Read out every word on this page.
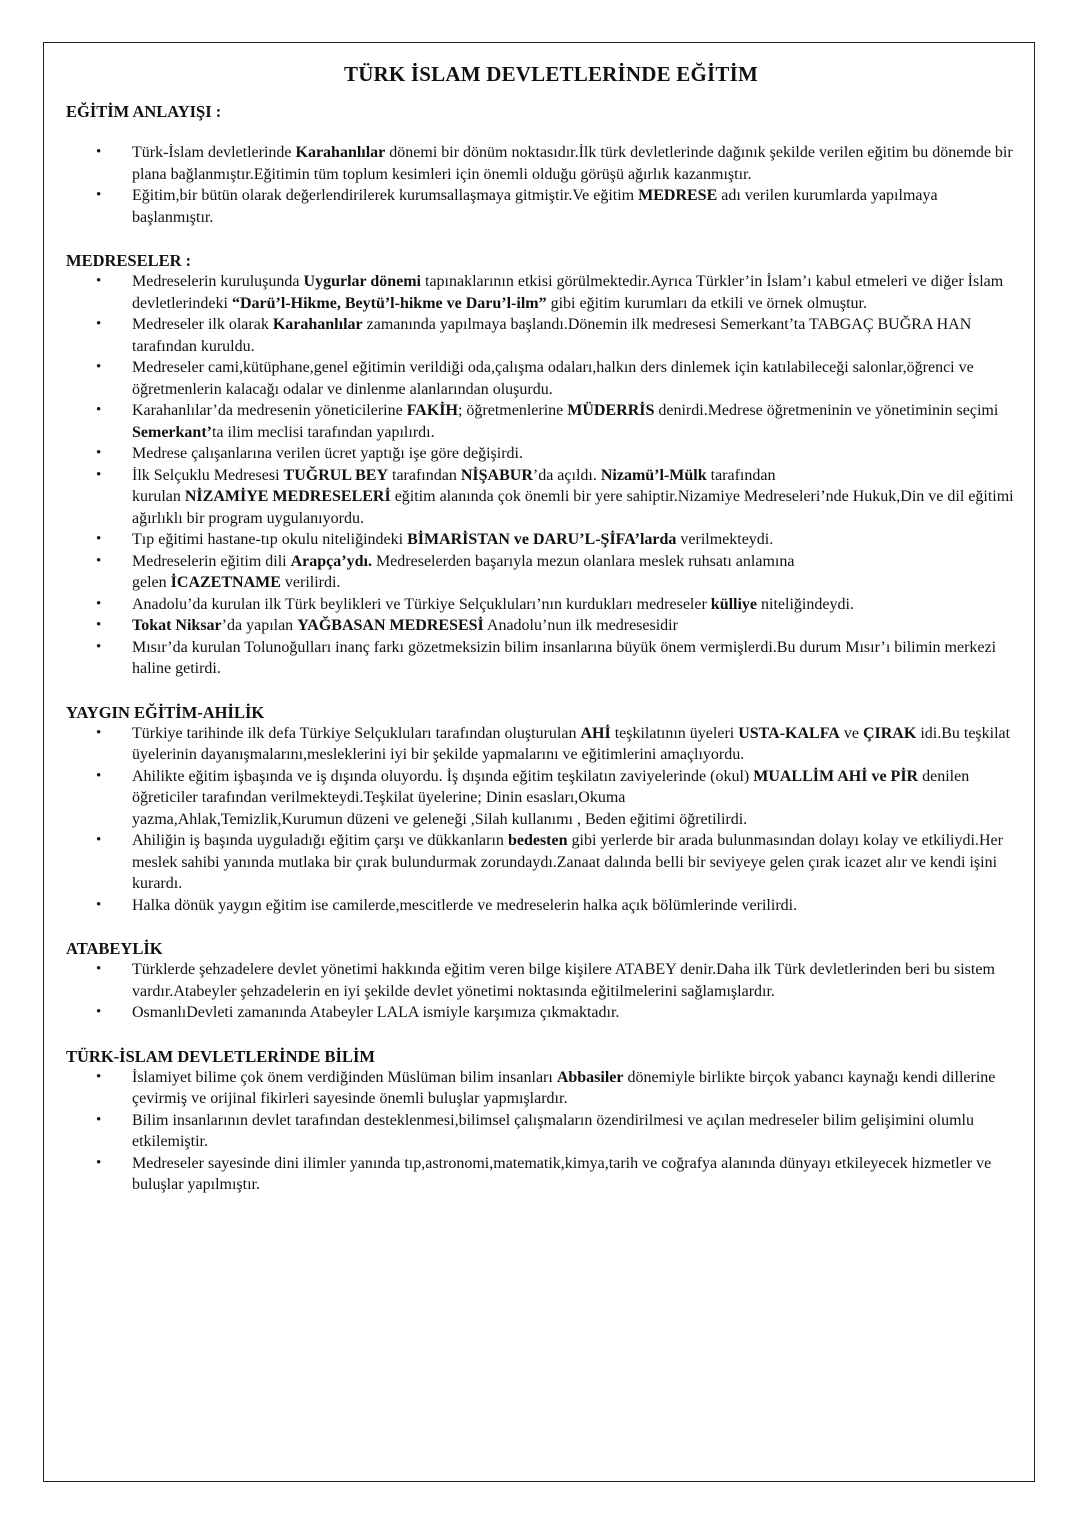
TÜRK İSLAM DEVLETLERİNDE EĞİTİM
EĞİTİM ANLAYIŞI :
• Türk-İslam devletlerinde Karahanlılar dönemi bir dönüm noktasıdır.İlk türk devletlerinde dağınık şekilde verilen eğitim bu dönemde bir plana bağlanmıştır.Eğitimin tüm toplum kesimleri için önemli olduğu görüşü ağırlık kazanmıştır.
• Eğitim,bir bütün olarak değerlendirilerek kurumsallaşmaya gitmiştir.Ve eğitim MEDRESE adı verilen kurumlarda yapılmaya başlanmıştır.
MEDRESELER :
• Medreselerin kuruluşunda Uygurlar dönemi tapınaklarının etkisi görülmektedir.Ayrıca Türkler’in İslam’ı kabul etmeleri ve diğer İslam devletlerindeki “Darü’l-Hikme, Beytü’l-hikme ve Daru’l-ilm” gibi eğitim kurumları da etkili ve örnek olmuştur.
• Medreseler ilk olarak Karahanlılar zamanında yapılmaya başlandı.Dönemin ilk medresesi Semerkant’ta TABGAÇ BUĞRA HAN tarafından kuruldu.
• Medreseler cami,kütüphane,genel eğitimin verildiği oda,çalışma odaları,halkın ders dinlemek için katılabileceği salonlar,öğrenci ve öğretmenlerin kalacağı odalar ve dinlenme alanlarından oluşurdu.
• Karahanlılar’da medresenin yöneticilerine FAKİH; öğretmenlerine MÜDERRİS denirdi.Medrese öğretmeninin ve yönetiminin seçimi Semerkant’ta ilim meclisi tarafından yapılırdı.
• Medrese çalışanlarına verilen ücret yaptığı işe göre değişirdi.
• İlk Selçuklu Medresesi TUĞRUL BEY tarafından NİŞABUR’da açıldı. Nizamü’l-Mülk tarafından
kurulan NİZAMİYE MEDRESELERİ eğitim alanında çok önemli bir yere sahiptir.Nizamiye Medreseleri’nde Hukuk,Din ve dil eğitimi ağırlıklı bir program uygulanıyordu.
• Tıp eğitimi hastane-tıp okulu niteliğindeki BİMARİSTAN ve DARU’L-ŞİFA’larda verilmekteydi.
• Medreselerin eğitim dili Arapça’ydı. Medreselerden başarıyla mezun olanlara meslek ruhsatı anlamına
gelen İCAZETNAME verilirdi.
• Anadolu’da kurulan ilk Türk beylikleri ve Türkiye Selçukluları’nın kurdukları medreseler külliye niteliğindeydi.
• Tokat Niksar’da yapılan YAĞBASAN MEDRESESİ Anadolu’nun ilk medresesidir
• Mısır’da kurulan Tolunoğulları inanç farkı gözetmeksizin bilim insanlarına büyük önem vermişlerdi.Bu durum Mısır’ı bilimin merkezi haline getirdi.
YAYGIN EĞİTİM-AHİLİK
• Türkiye tarihinde ilk defa Türkiye Selçukluları tarafından oluşturulan AHİ teşkilatının üyeleri USTA-KALFA ve ÇIRAK idi.Bu teşkilat üyelerinin dayanışmalarını,mesleklerini iyi bir şekilde yapmalarını ve eğitimlerini amaçlıyordu.
• Ahilikte eğitim işbaşında ve iş dışında oluyordu. İş dışında eğitim teşkilatın zaviyelerinde (okul) MUALLİM AHİ ve PİR denilen öğreticiler tarafından verilmekteydi.Teşkilat üyelerine; Dinin esasları,Okuma
yazma,Ahlak,Temizlik,Kurumun düzeni ve geleneği ,Silah kullanımı , Beden eğitimi öğretilirdi.
• Ahiliğin iş başında uyguladığı eğitim çarşı ve dükkanların bedesten gibi yerlerde bir arada bulunmasından dolayı kolay ve etkiliydi.Her meslek sahibi yanında mutlaka bir çırak bulundurmak zorundaydı.Zanaat dalında belli bir seviyeye gelen çırak icazet alır ve kendi işini kurardı.
• Halka dönük yaygın eğitim ise camilerde,mescitlerde ve medreselerin halka açık bölümlerinde verilirdi.
ATABEYLİK
• Türklerde şehzadelere devlet yönetimi hakkında eğitim veren bilge kişilere ATABEY denir.Daha ilk Türk devletlerinden beri bu sistem vardır.Atabeyler şehzadelerin en iyi şekilde devlet yönetimi noktasında eğitilmelerini sağlamışlardır.
• OsmanlıDevleti zamanında Atabeyler LALA ismiyle karşımıza çıkmaktadır.
TÜRK-İSLAM DEVLETLERİNDE BİLİM
• İslamiyet bilime çok önem verdiğinden Müslüman bilim insanları Abbasiler dönemiyle birlikte birçok yabancı kaynağı kendi dillerine çevirmiş ve orijinal fikirleri sayesinde önemli buluşlar yapmışlardır.
• Bilim insanlarının devlet tarafından desteklenmesi,bilimsel çalışmaların özendirilmesi ve açılan medreseler bilim gelişimini olumlu etkilemiştir.
• Medreseler sayesinde dini ilimler yanında tıp,astronomi,matematik,kimya,tarih ve coğrafya alanında dünyayı etkileyecek hizmetler ve buluşlar yapılmıştır.
